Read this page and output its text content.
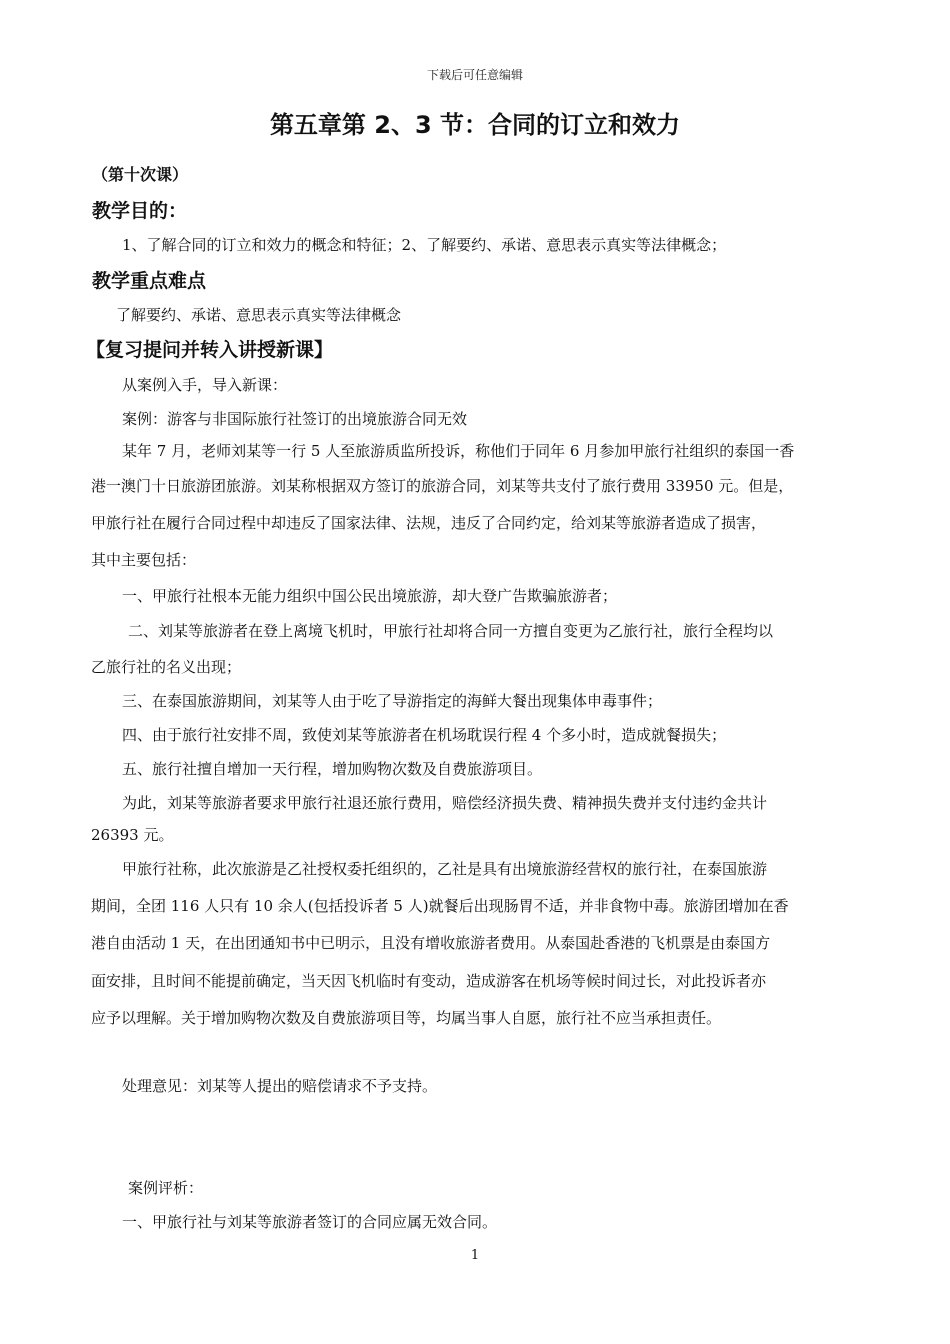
下载后可任意编辑
第五章第 2、3 节：合同的订立和效力
（第十次课）
教学目的：
1、了解合同的订立和效力的概念和特征；2、了解要约、承诺、意思表示真实等法律概念；
教学重点难点
了解要约、承诺、意思表示真实等法律概念
【复习提问并转入讲授新课】
从案例入手，导入新课：
案例：游客与非国际旅行社签订的出境旅游合同无效
某年 7 月，老师刘某等一行 5 人至旅游质监所投诉，称他们于同年 6 月参加甲旅行社组织的泰国一香
港一澳门十日旅游团旅游。刘某称根据双方签订的旅游合同，刘某等共支付了旅行费用 33950 元。但是，
甲旅行社在履行合同过程中却违反了国家法律、法规，违反了合同约定，给刘某等旅游者造成了损害，
其中主要包括：
一、甲旅行社根本无能力组织中国公民出境旅游，却大登广告欺骗旅游者；
二、刘某等旅游者在登上离境飞机时，甲旅行社却将合同一方擅自变更为乙旅行社，旅行全程均以
乙旅行社的名义出现；
三、在泰国旅游期间，刘某等人由于吃了导游指定的海鲜大餐出现集体申毒事件；
四、由于旅行社安排不周，致使刘某等旅游者在机场耽误行程 4 个多小时，造成就餐损失；
五、旅行社擅自增加一天行程，增加购物次数及自费旅游项目。
为此，刘某等旅游者要求甲旅行社退还旅行费用，赔偿经济损失费、精神损失费并支付违约金共计
26393 元。
甲旅行社称，此次旅游是乙社授权委托组织的，乙社是具有出境旅游经营权的旅行社，在泰国旅游
期间，全团 116 人只有 10 余人(包括投诉者 5 人)就餐后出现肠胃不适，并非食物中毒。旅游团增加在香
港自由活动 1 天，在出团通知书中已明示，且没有增收旅游者费用。从泰国赴香港的飞机票是由泰国方
面安排，且时间不能提前确定，当天因飞机临时有变动，造成游客在机场等候时间过长，对此投诉者亦
应予以理解。关于增加购物次数及自费旅游项目等，均属当事人自愿，旅行社不应当承担责任。
处理意见：刘某等人提出的赔偿请求不予支持。
案例评析：
一、甲旅行社与刘某等旅游者签订的合同应属无效合同。
1
